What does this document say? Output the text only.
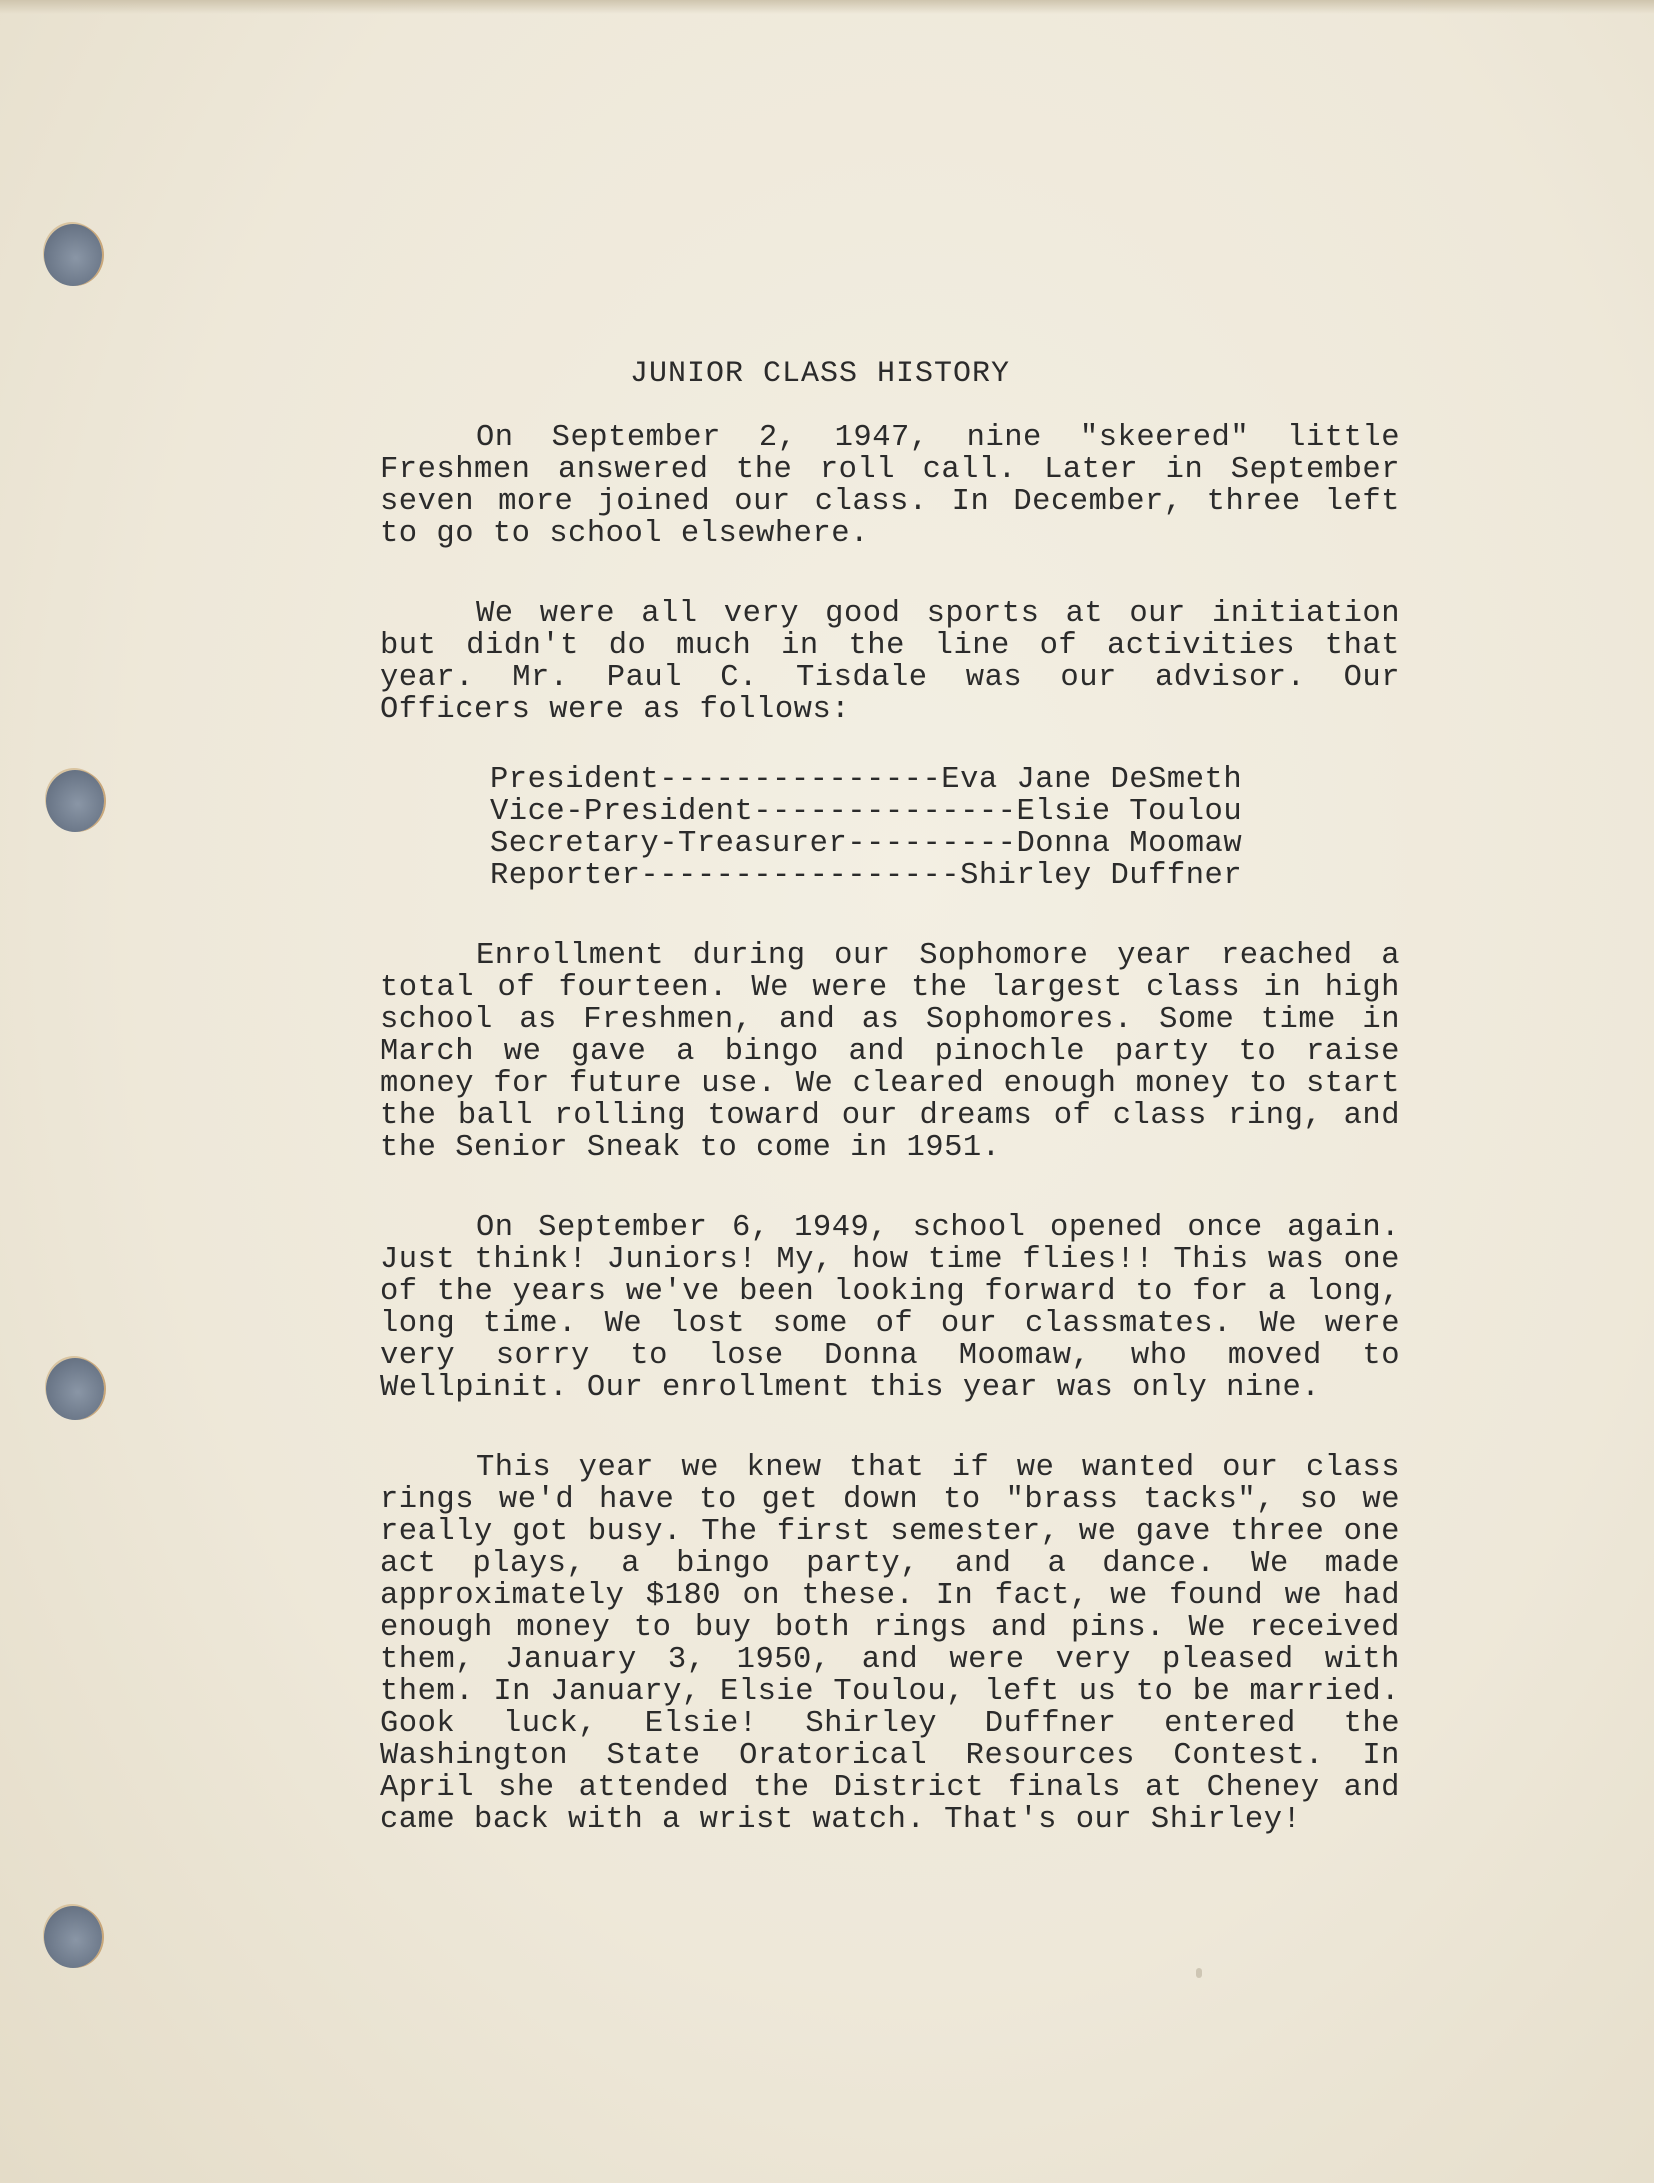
JUNIOR CLASS HISTORY

On September 2, 1947, nine "skeered" little Freshmen answered the roll call. Later in September seven more joined our class. In December, three left to go to school elsewhere.

We were all very good sports at our initiation but didn't do much in the line of activities that year. Mr. Paul C. Tisdale was our advisor. Our Officers were as follows:

President---------------Eva Jane DeSmeth
Vice-President--------------Elsie Toulou
Secretary-Treasurer---------Donna Moomaw
Reporter-----------------Shirley Duffner

Enrollment during our Sophomore year reached a total of fourteen. We were the largest class in high school as Freshmen, and as Sophomores. Some time in March we gave a bingo and pinochle party to raise money for future use. We cleared enough money to start the ball rolling toward our dreams of class ring, and the Senior Sneak to come in 1951.

On September 6, 1949, school opened once again. Just think! Juniors! My, how time flies!! This was one of the years we've been looking forward to for a long, long time. We lost some of our classmates. We were very sorry to lose Donna Moomaw, who moved to Wellpinit. Our enrollment this year was only nine.

This year we knew that if we wanted our class rings we'd have to get down to "brass tacks", so we really got busy. The first semester, we gave three one act plays, a bingo party, and a dance. We made approximately $180 on these. In fact, we found we had enough money to buy both rings and pins. We received them, January 3, 1950, and were very pleased with them. In January, Elsie Toulou, left us to be married. Gook luck, Elsie! Shirley Duffner entered the Washington State Oratorical Resources Contest. In April she attended the District finals at Cheney and came back with a wrist watch. That's our Shirley!
